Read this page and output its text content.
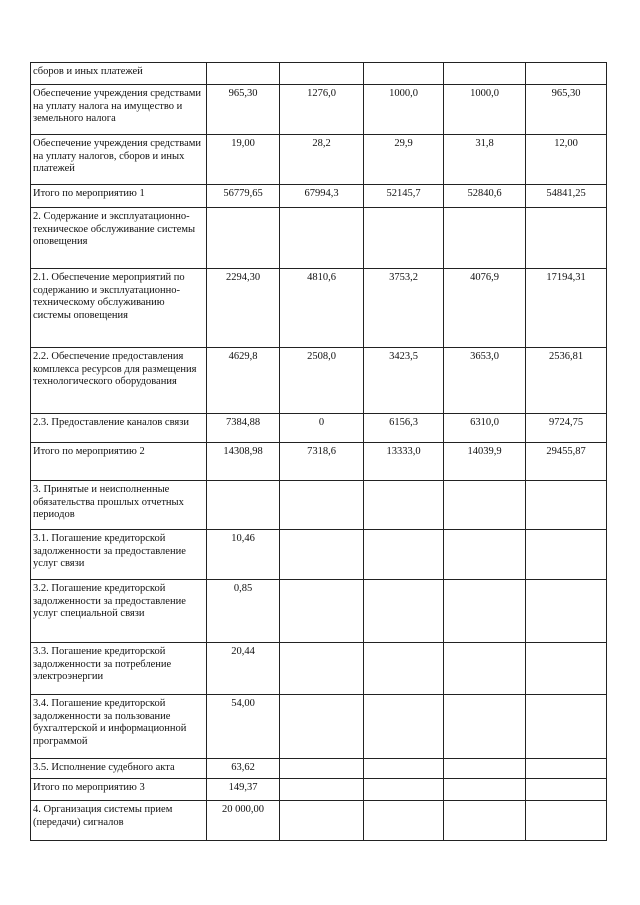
сборов и иных платежей					
Обеспечение учреждения средствами на уплату налога на имущество и земельного налога	965,30	1276,0	1000,0	1000,0	965,30
Обеспечение учреждения средствами на уплату налогов, сборов и иных платежей	19,00	28,2	29,9	31,8	12,00
Итого по мероприятию 1	56779,65	67994,3	52145,7	52840,6	54841,25
2. Содержание и эксплуатационно-техническое обслуживание системы оповещения					
2.1. Обеспечение мероприятий по содержанию и эксплуатационно-техническому обслуживанию системы оповещения	2294,30	4810,6	3753,2	4076,9	17194,31
2.2. Обеспечение предоставления комплекса ресурсов для размещения технологического оборудования	4629,8	2508,0	3423,5	3653,0	2536,81
2.3. Предоставление каналов связи	7384,88	0	6156,3	6310,0	9724,75
Итого по мероприятию 2	14308,98	7318,6	13333,0	14039,9	29455,87
3. Принятые и неисполненные обязательства прошлых отчетных периодов					
3.1. Погашение кредиторской задолженности за предоставление услуг связи	10,46				
3.2. Погашение кредиторской задолженности за предоставление услуг специальной связи	0,85				
3.3. Погашение кредиторской задолженности за потребление электроэнергии	20,44				
3.4. Погашение кредиторской задолженности за пользование бухгалтерской и информационной программой	54,00				
3.5. Исполнение судебного акта	63,62				
Итого по мероприятию 3	149,37				
4. Организация системы прием (передачи) сигналов	20 000,00				
